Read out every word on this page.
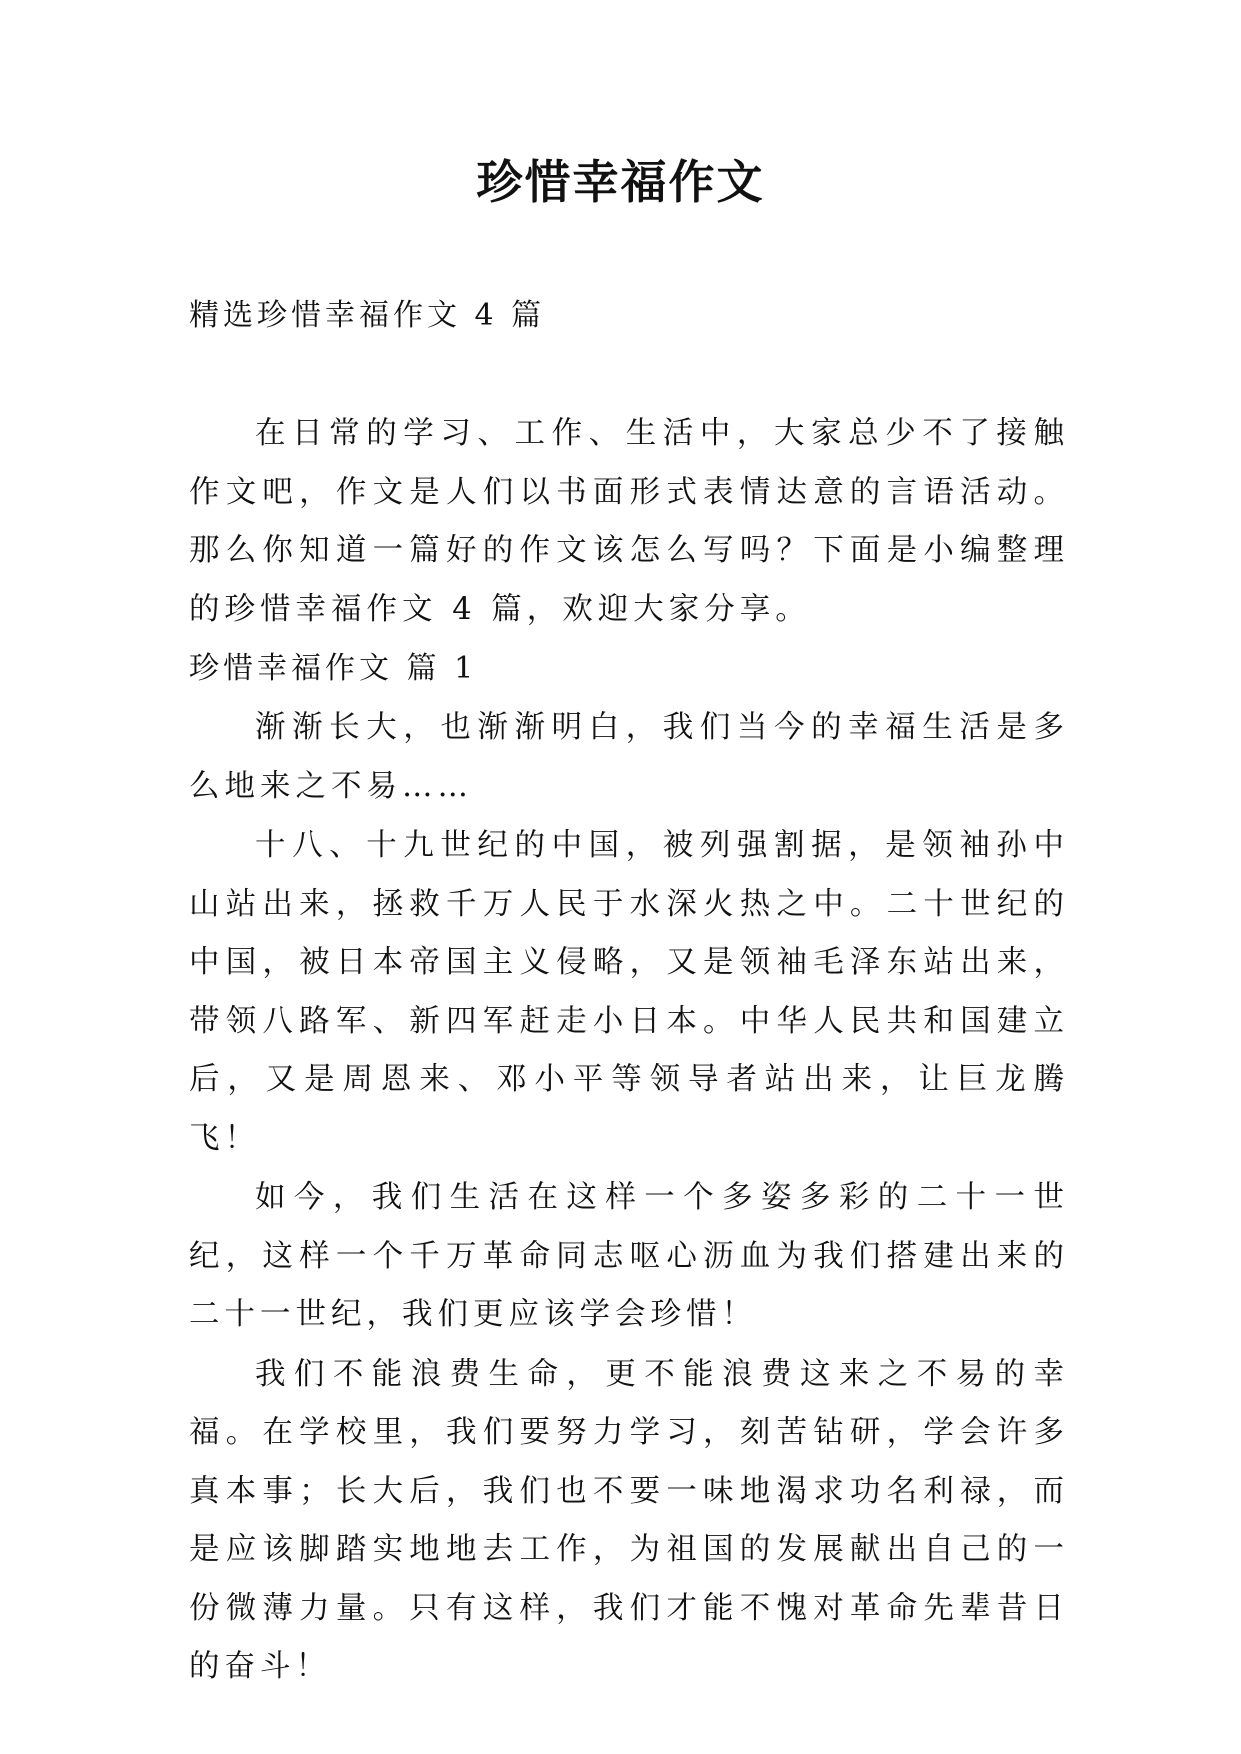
珍惜幸福作文

精选珍惜幸福作文 4 篇

在日常的学习、工作、生活中，大家总少不了接触作文吧，作文是人们以书面形式表情达意的言语活动。那么你知道一篇好的作文该怎么写吗？下面是小编整理的珍惜幸福作文 4 篇，欢迎大家分享。

珍惜幸福作文 篇 1

渐渐长大，也渐渐明白，我们当今的幸福生活是多么地来之不易……

十八、十九世纪的中国，被列强割据，是领袖孙中山站出来，拯救千万人民于水深火热之中。二十世纪的中国，被日本帝国主义侵略，又是领袖毛泽东站出来，带领八路军、新四军赶走小日本。中华人民共和国建立后，又是周恩来、邓小平等领导者站出来，让巨龙腾飞！

如今，我们生活在这样一个多姿多彩的二十一世纪，这样一个千万革命同志呕心沥血为我们搭建出来的二十一世纪，我们更应该学会珍惜！

我们不能浪费生命，更不能浪费这来之不易的幸福。在学校里，我们要努力学习，刻苦钻研，学会许多真本事；长大后，我们也不要一味地渴求功名利禄，而是应该脚踏实地地去工作，为祖国的发展献出自己的一份微薄力量。只有这样，我们才能不愧对革命先辈昔日的奋斗！
